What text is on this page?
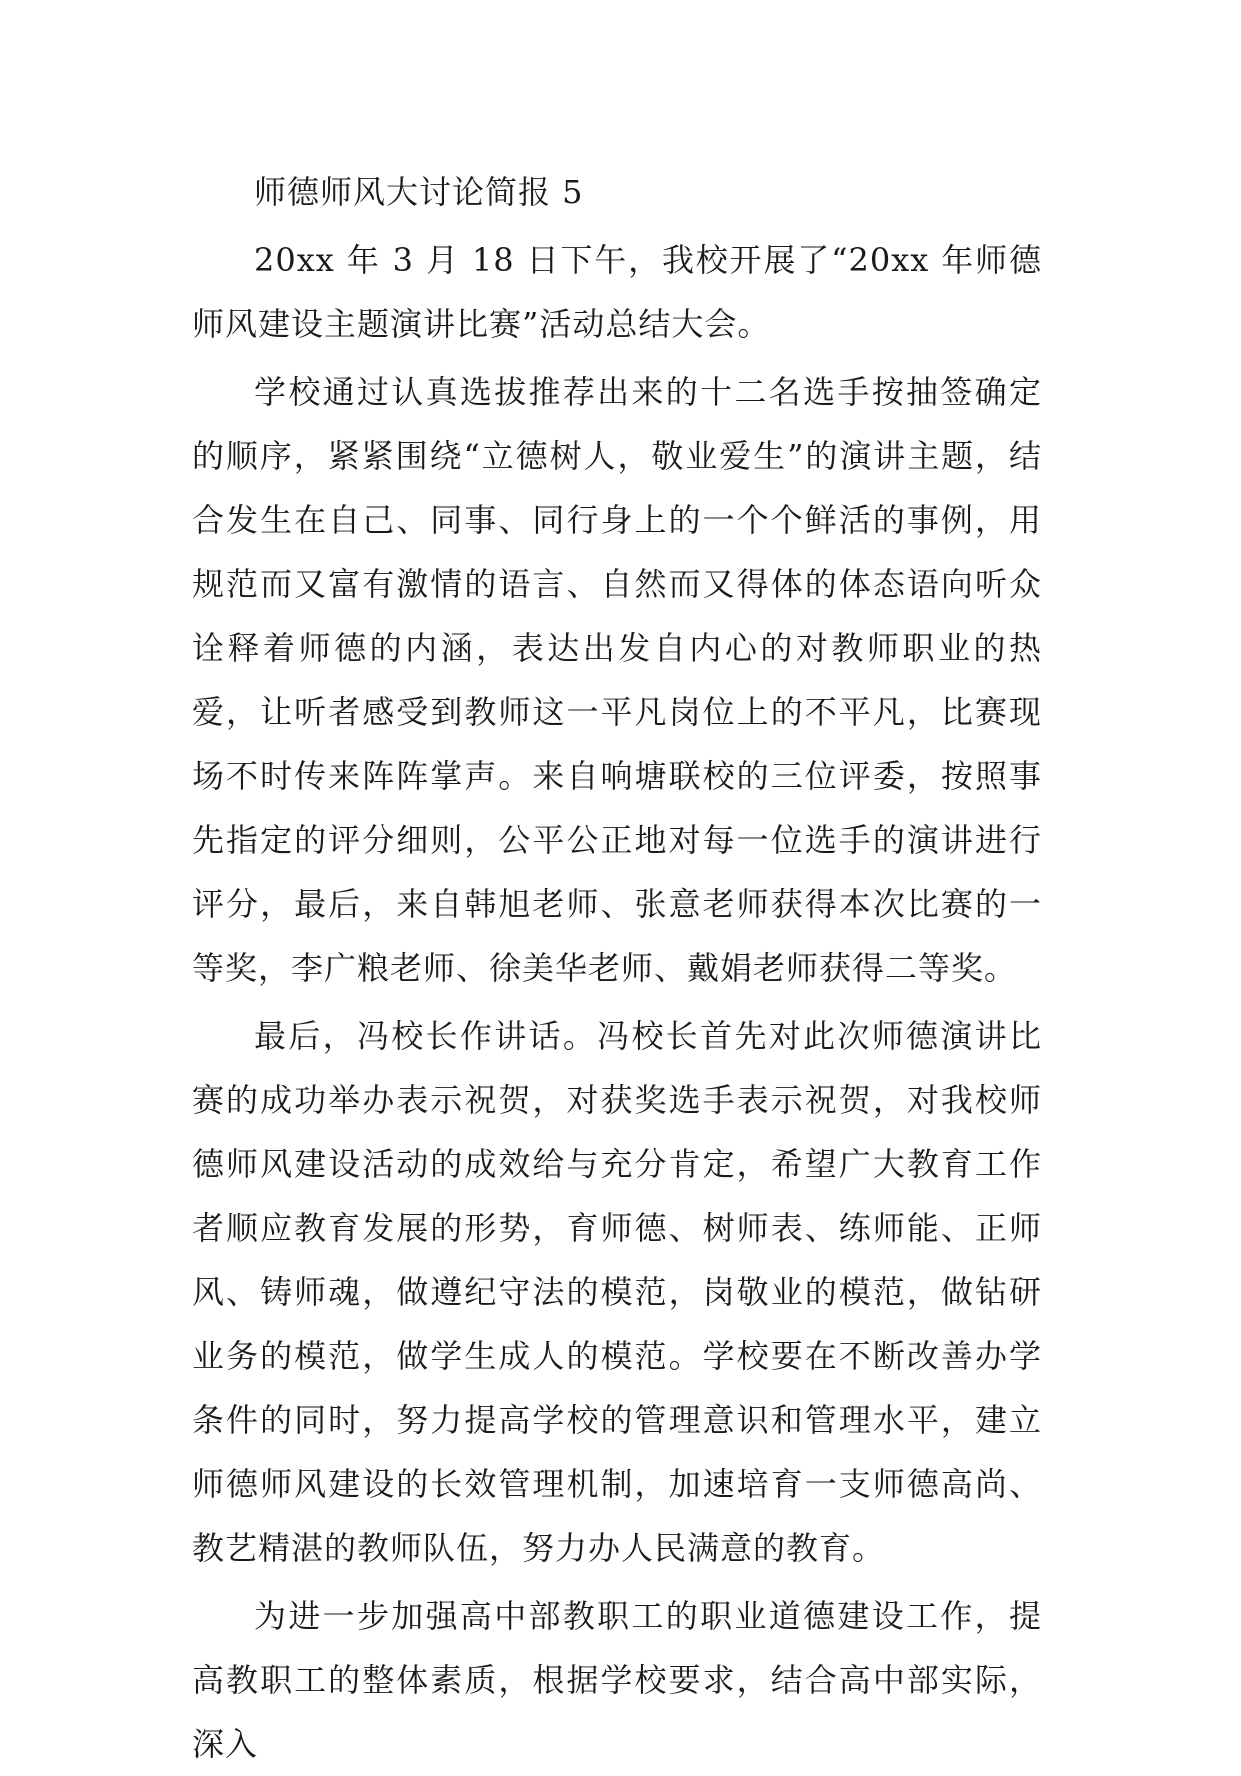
师德师风大讨论简报 5

20xx 年 3 月 18 日下午，我校开展了“20xx 年师德师风建设主题演讲比赛”活动总结大会。

学校通过认真选拔推荐出来的十二名选手按抽签确定的顺序，紧紧围绕“立德树人，敬业爱生”的演讲主题，结合发生在自己、同事、同行身上的一个个鲜活的事例，用规范而又富有激情的语言、自然而又得体的体态语向听众诠释着师德的内涵，表达出发自内心的对教师职业的热爱，让听者感受到教师这一平凡岗位上的不平凡，比赛现场不时传来阵阵掌声。来自响塘联校的三位评委，按照事先指定的评分细则，公平公正地对每一位选手的演讲进行评分，最后，来自韩旭老师、张意老师获得本次比赛的一等奖，李广粮老师、徐美华老师、戴娟老师获得二等奖。

最后，冯校长作讲话。冯校长首先对此次师德演讲比赛的成功举办表示祝贺，对获奖选手表示祝贺，对我校师德师风建设活动的成效给与充分肯定，希望广大教育工作者顺应教育发展的形势，育师德、树师表、练师能、正师风、铸师魂，做遵纪守法的模范，岗敬业的模范，做钻研业务的模范，做学生成人的模范。学校要在不断改善办学条件的同时，努力提高学校的管理意识和管理水平，建立师德师风建设的长效管理机制，加速培育一支师德高尚、教艺精湛的教师队伍，努力办人民满意的教育。

为进一步加强高中部教职工的职业道德建设工作，提高教职工的整体素质，根据学校要求，结合高中部实际，深入
